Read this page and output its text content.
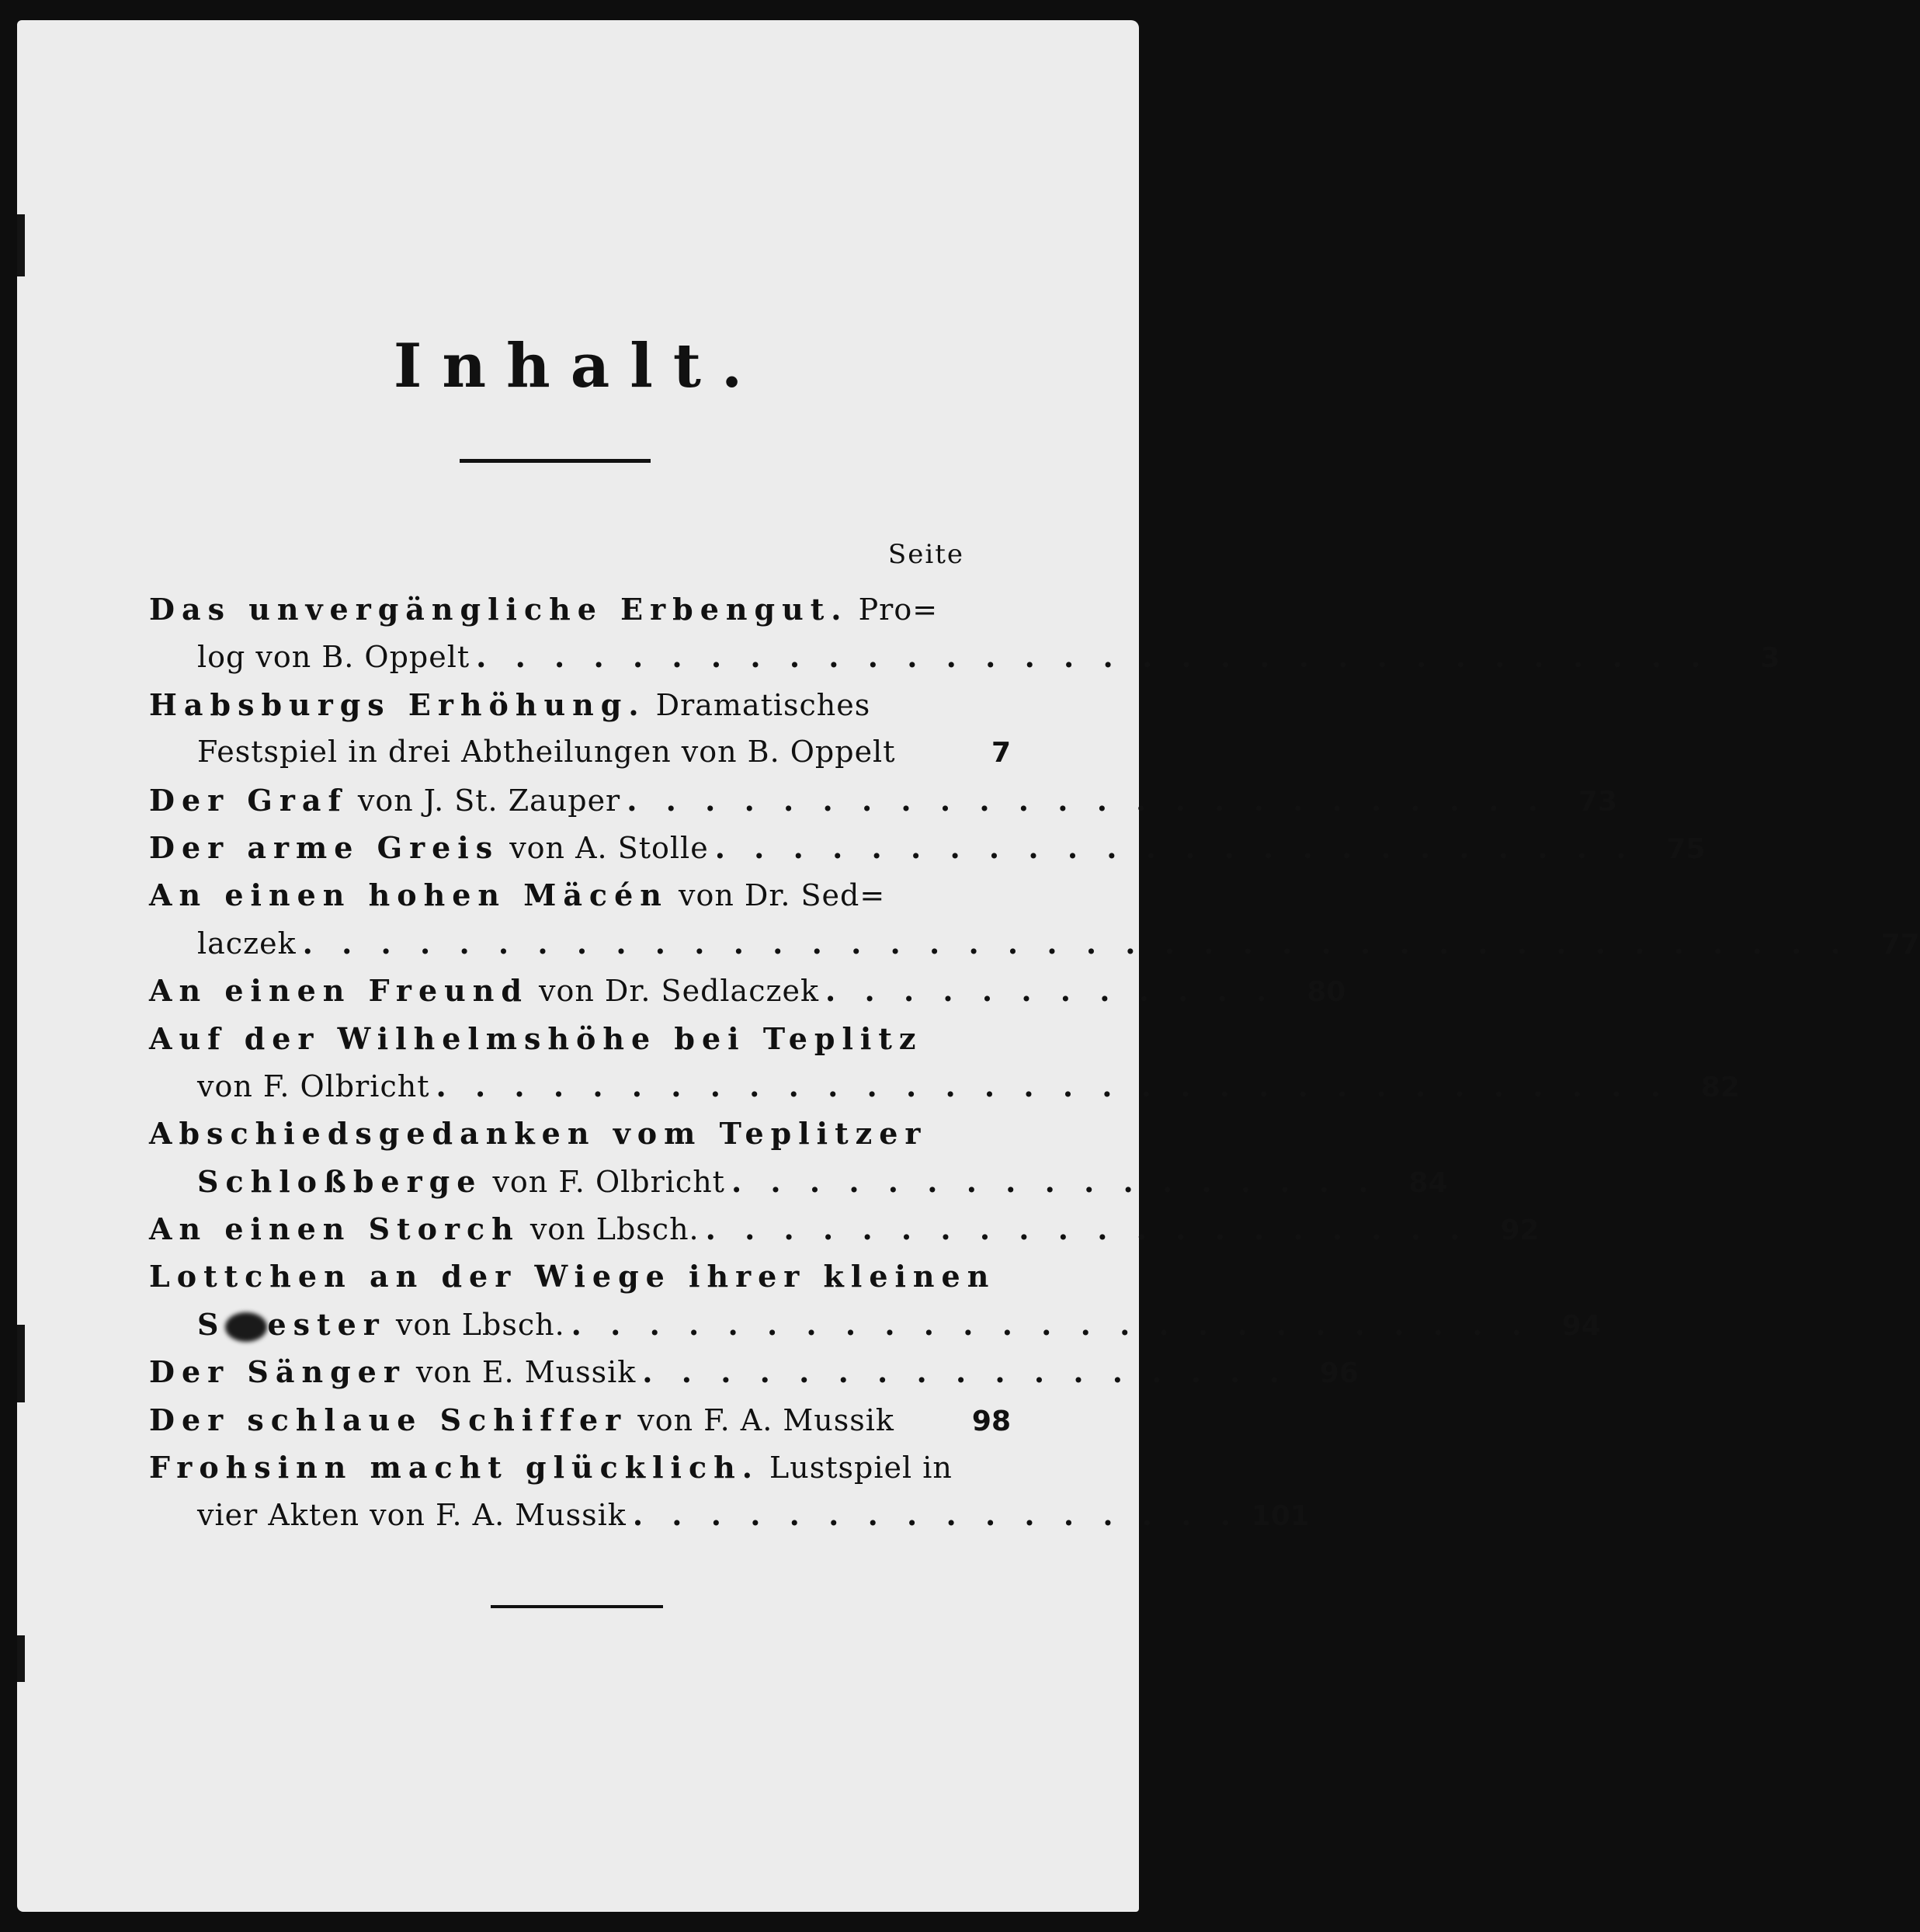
Inhalt.
Seite
Das unvergängliche Erbengut. Pro=
log von B. Oppelt . . . . . . . . . . . . . . . . . . . . . . . . . . . . . . . .	3
Habsburgs Erhöhung. Dramatisches
Festspiel in drei Abtheilungen von B. Oppelt	7
Der Graf von J. St. Zauper . . . . . . . . . . . . . . . . . . . . . . . .	73
Der arme Greis von A. Stolle . . . . . . . . . . . . . . . . . . . . . . . .	75
An einen hohen Mäcén von Dr. Sed=
laczek . . . . . . . . . . . . . . . . . . . . . . . . . . . . . . . . . . . . . . . .	77
An einen Freund von Dr. Sedlaczek . . . . . . . . . . . .	80
Auf der Wilhelmshöhe bei Teplitz
von F. Olbricht . . . . . . . . . . . . . . . . . . . . . . . . . . . . . . . .	82
Abschiedsgedanken vom Teplitzer
Schloßberge von F. Olbricht . . . . . . . . . . . . . . . . .	84
An einen Storch von Lbsch. . . . . . . . . . . . . . . . . . . . .	92
Lottchen an der Wiege ihrer kleinen
S ester von Lbsch. . . . . . . . . . . . . . . . . . . . . . . . . .	94
Der Sänger von E. Mussik . . . . . . . . . . . . . . . . .	96
Der schlaue Schiffer von F. A. Mussik	98
Frohsinn macht glücklich. Lustspiel in
vier Akten von F. A. Mussik . . . . . . . . . . . . . . . . 101
